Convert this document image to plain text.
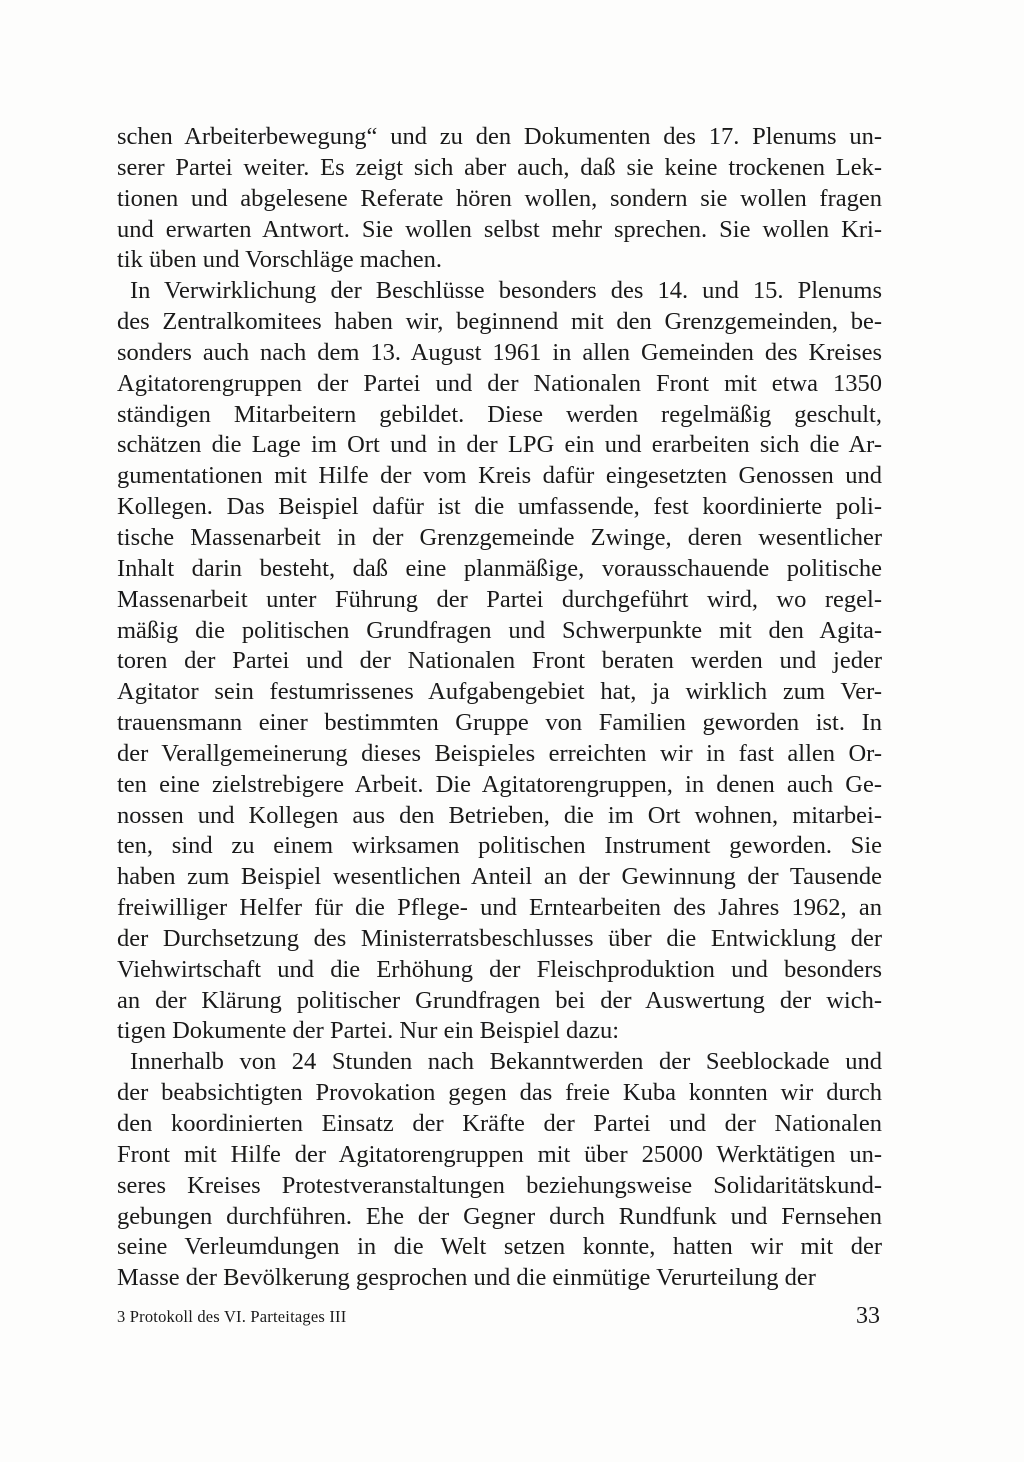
schen Arbeiterbewegung“ und zu den Dokumenten des 17. Plenums un-
serer Partei weiter. Es zeigt sich aber auch, daß sie keine trockenen Lek-
tionen und abgelesene Referate hören wollen, sondern sie wollen fragen
und erwarten Antwort. Sie wollen selbst mehr sprechen. Sie wollen Kri-
tik üben und Vorschläge machen.
In Verwirklichung der Beschlüsse besonders des 14. und 15. Plenums
des Zentralkomitees haben wir, beginnend mit den Grenzgemeinden, be-
sonders auch nach dem 13. August 1961 in allen Gemeinden des Kreises
Agitatorengruppen der Partei und der Nationalen Front mit etwa 1350
ständigen Mitarbeitern gebildet. Diese werden regelmäßig geschult,
schätzen die Lage im Ort und in der LPG ein und erarbeiten sich die Ar-
gumentationen mit Hilfe der vom Kreis dafür eingesetzten Genossen und
Kollegen. Das Beispiel dafür ist die umfassende, fest koordinierte poli-
tische Massenarbeit in der Grenzgemeinde Zwinge, deren wesentlicher
Inhalt darin besteht, daß eine planmäßige, vorausschauende politische
Massenarbeit unter Führung der Partei durchgeführt wird, wo regel-
mäßig die politischen Grundfragen und Schwerpunkte mit den Agita-
toren der Partei und der Nationalen Front beraten werden und jeder
Agitator sein festumrissenes Aufgabengebiet hat, ja wirklich zum Ver-
trauensmann einer bestimmten Gruppe von Familien geworden ist. In
der Verallgemeinerung dieses Beispieles erreichten wir in fast allen Or-
ten eine zielstrebigere Arbeit. Die Agitatorengruppen, in denen auch Ge-
nossen und Kollegen aus den Betrieben, die im Ort wohnen, mitarbei-
ten, sind zu einem wirksamen politischen Instrument geworden. Sie
haben zum Beispiel wesentlichen Anteil an der Gewinnung der Tausende
freiwilliger Helfer für die Pflege- und Erntearbeiten des Jahres 1962, an
der Durchsetzung des Ministerratsbeschlusses über die Entwicklung der
Viehwirtschaft und die Erhöhung der Fleischproduktion und besonders
an der Klärung politischer Grundfragen bei der Auswertung der wich-
tigen Dokumente der Partei. Nur ein Beispiel dazu:
Innerhalb von 24 Stunden nach Bekanntwerden der Seeblockade und
der beabsichtigten Provokation gegen das freie Kuba konnten wir durch
den koordinierten Einsatz der Kräfte der Partei und der Nationalen
Front mit Hilfe der Agitatorengruppen mit über 25000 Werktätigen un-
seres Kreises Protestveranstaltungen beziehungsweise Solidaritätskund-
gebungen durchführen. Ehe der Gegner durch Rundfunk und Fernsehen
seine Verleumdungen in die Welt setzen konnte, hatten wir mit der
Masse der Bevölkerung gesprochen und die einmütige Verurteilung der
3 Protokoll des VI. Parteitages III	33
